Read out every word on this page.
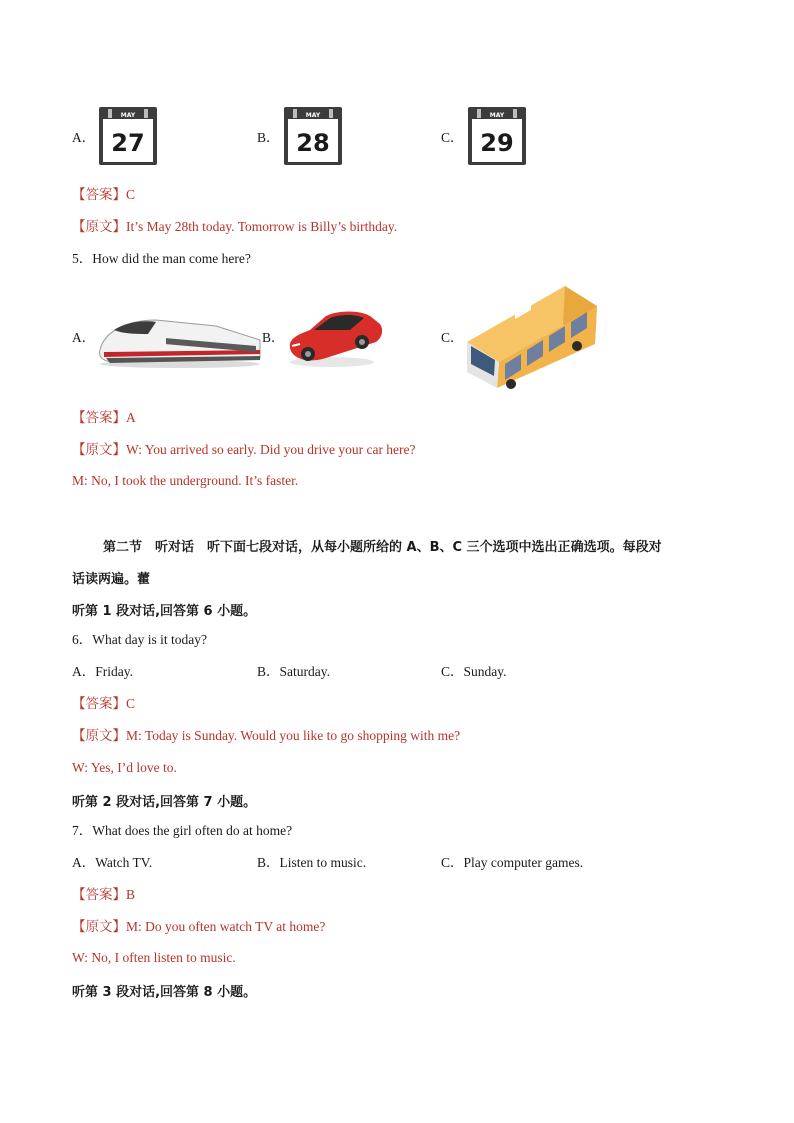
A．
MAY
27	B．
MAY
28	C．
MAY
29
【答案】C
【原文】It’s May 28th today. Tomorrow is Billy’s birthday.
5．How did the man come here?
A．	B．	C．
【答案】A
【原文】W: You arrived so early. Did you drive your car here?
M: No, I took the underground. It’s faster.
第二节　听对话　听下面七段对话，从每小题所给的 A、B、C 三个选项中选出正确选项。每段对
话读两遍。藿
听第 1 段对话,回答第 6 小题。
6．What day is it today?
A．Friday.	B．Saturday.	C．Sunday.
【答案】C
【原文】M: Today is Sunday. Would you like to go shopping with me?
W: Yes, I’d love to.
听第 2 段对话,回答第 7 小题。
7．What does the girl often do at home?
A．Watch TV.	B．Listen to music.	C．Play computer games.
【答案】B
【原文】M: Do you often watch TV at home?
W: No, I often listen to music.
听第 3 段对话,回答第 8 小题。
